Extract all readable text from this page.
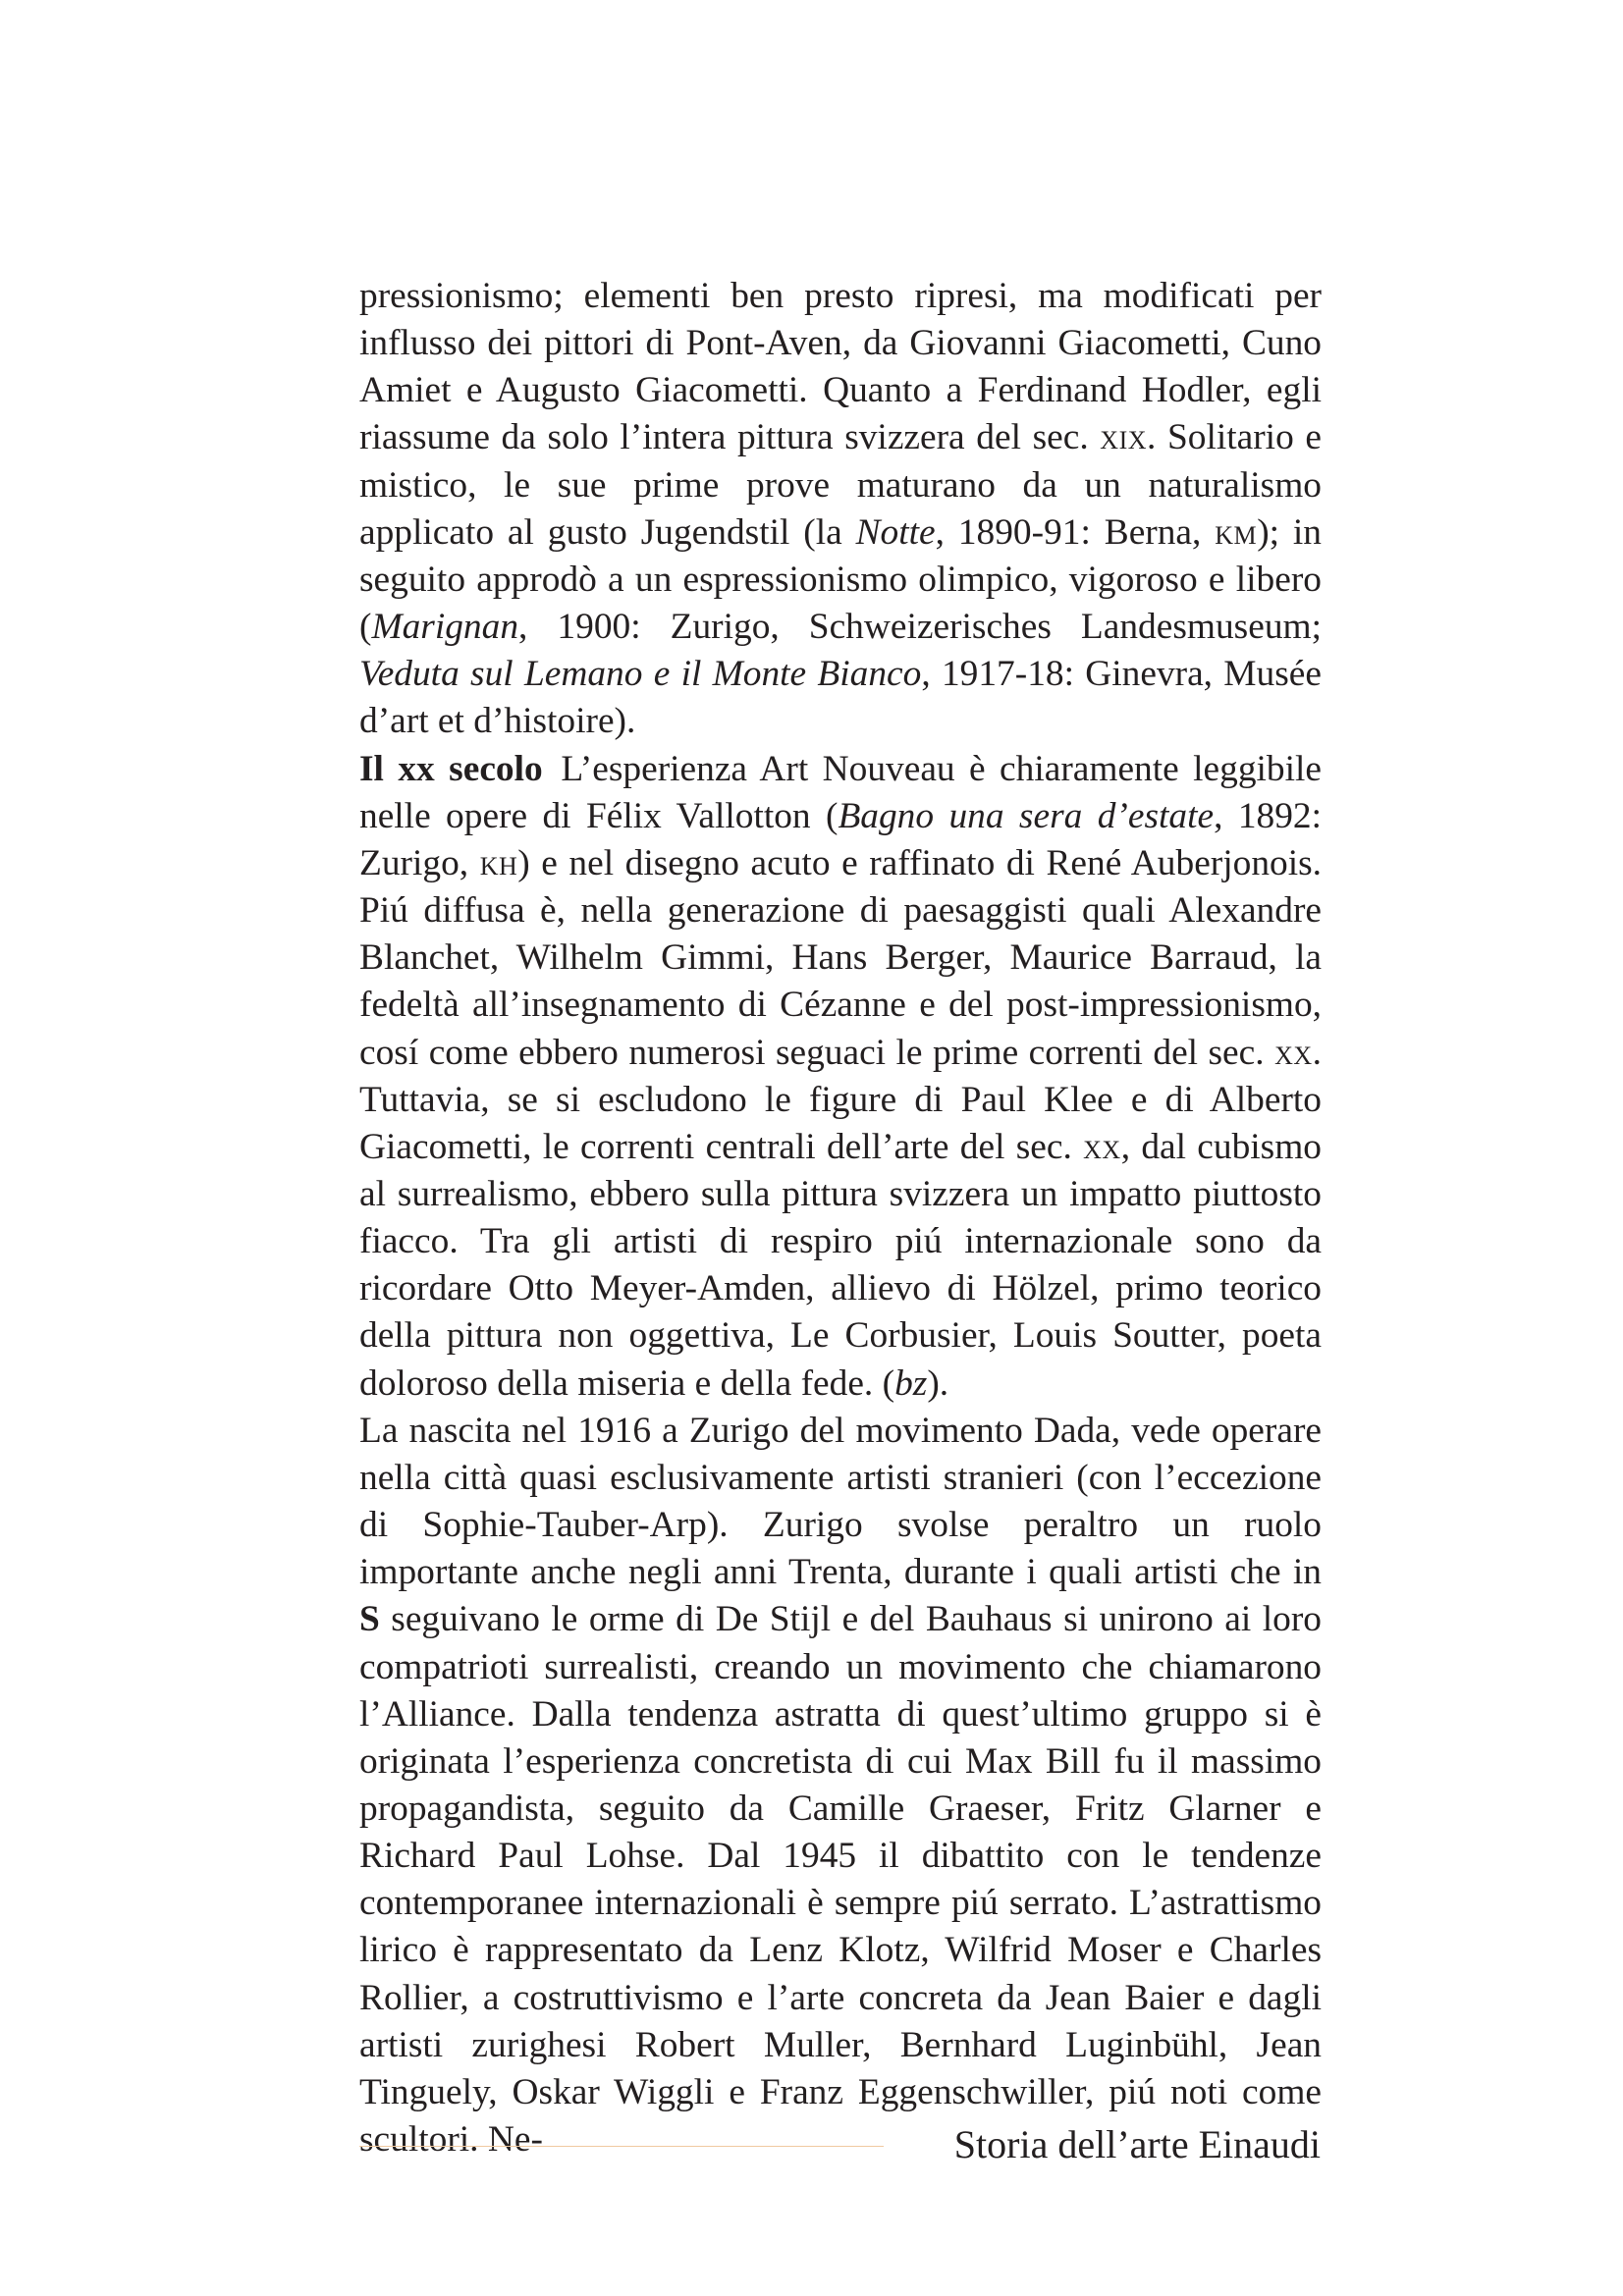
pressionismo; elementi ben presto ripresi, ma modificati per influsso dei pittori di Pont-Aven, da Giovanni Giacometti, Cuno Amiet e Augusto Giacometti. Quanto a Ferdinand Hodler, egli riassume da solo l’intera pittura svizzera del sec. xix. Solitario e mistico, le sue prime prove maturano da un naturalismo applicato al gusto Jugendstil (la Notte, 1890-91: Berna, km); in seguito approdò a un espressionismo olimpico, vigoroso e libero (Marignan, 1900: Zurigo, Schweizerisches Landesmuseum; Veduta sul Lemano e il Monte Bianco, 1917-18: Ginevra, Musée d’art et d’histoire).

Il xx secolo L’esperienza Art Nouveau è chiaramente leggibile nelle opere di Félix Vallotton (Bagno una sera d’estate, 1892: Zurigo, kh) e nel disegno acuto e raffinato di René Auberjonois. Piú diffusa è, nella generazione di paesaggisti quali Alexandre Blanchet, Wilhelm Gimmi, Hans Berger, Maurice Barraud, la fedeltà all’insegnamento di Cézanne e del post-impressionismo, cosí come ebbero numerosi seguaci le prime correnti del sec. xx. Tuttavia, se si escludono le figure di Paul Klee e di Alberto Giacometti, le correnti centrali dell’arte del sec. xx, dal cubismo al surrealismo, ebbero sulla pittura svizzera un impatto piuttosto fiacco. Tra gli artisti di respiro piú internazionale sono da ricordare Otto Meyer-Amden, allievo di Hölzel, primo teorico della pittura non oggettiva, Le Corbusier, Louis Soutter, poeta doloroso della miseria e della fede. (bz).

La nascita nel 1916 a Zurigo del movimento Dada, vede operare nella città quasi esclusivamente artisti stranieri (con l’eccezione di Sophie-Tauber-Arp). Zurigo svolse peraltro un ruolo importante anche negli anni Trenta, durante i quali artisti che in S seguivano le orme di De Stijl e del Bauhaus si unirono ai loro compatrioti surrealisti, creando un movimento che chiamarono l’Alliance. Dalla tendenza astratta di quest’ultimo gruppo si è originata l’esperienza concretista di cui Max Bill fu il massimo propagandista, seguito da Camille Graeser, Fritz Glarner e Richard Paul Lohse. Dal 1945 il dibattito con le tendenze contemporanee internazionali è sempre piú serrato. L’astrattismo lirico è rappresentato da Lenz Klotz, Wilfrid Moser e Charles Rollier, a costruttivismo e l’arte concreta da Jean Baier e dagli artisti zurighesi Robert Muller, Bernhard Luginbühl, Jean Tinguely, Oskar Wiggli e Franz Eggenschwiller, piú noti come scultori. Ne-	Storia dell’arte Einaudi
